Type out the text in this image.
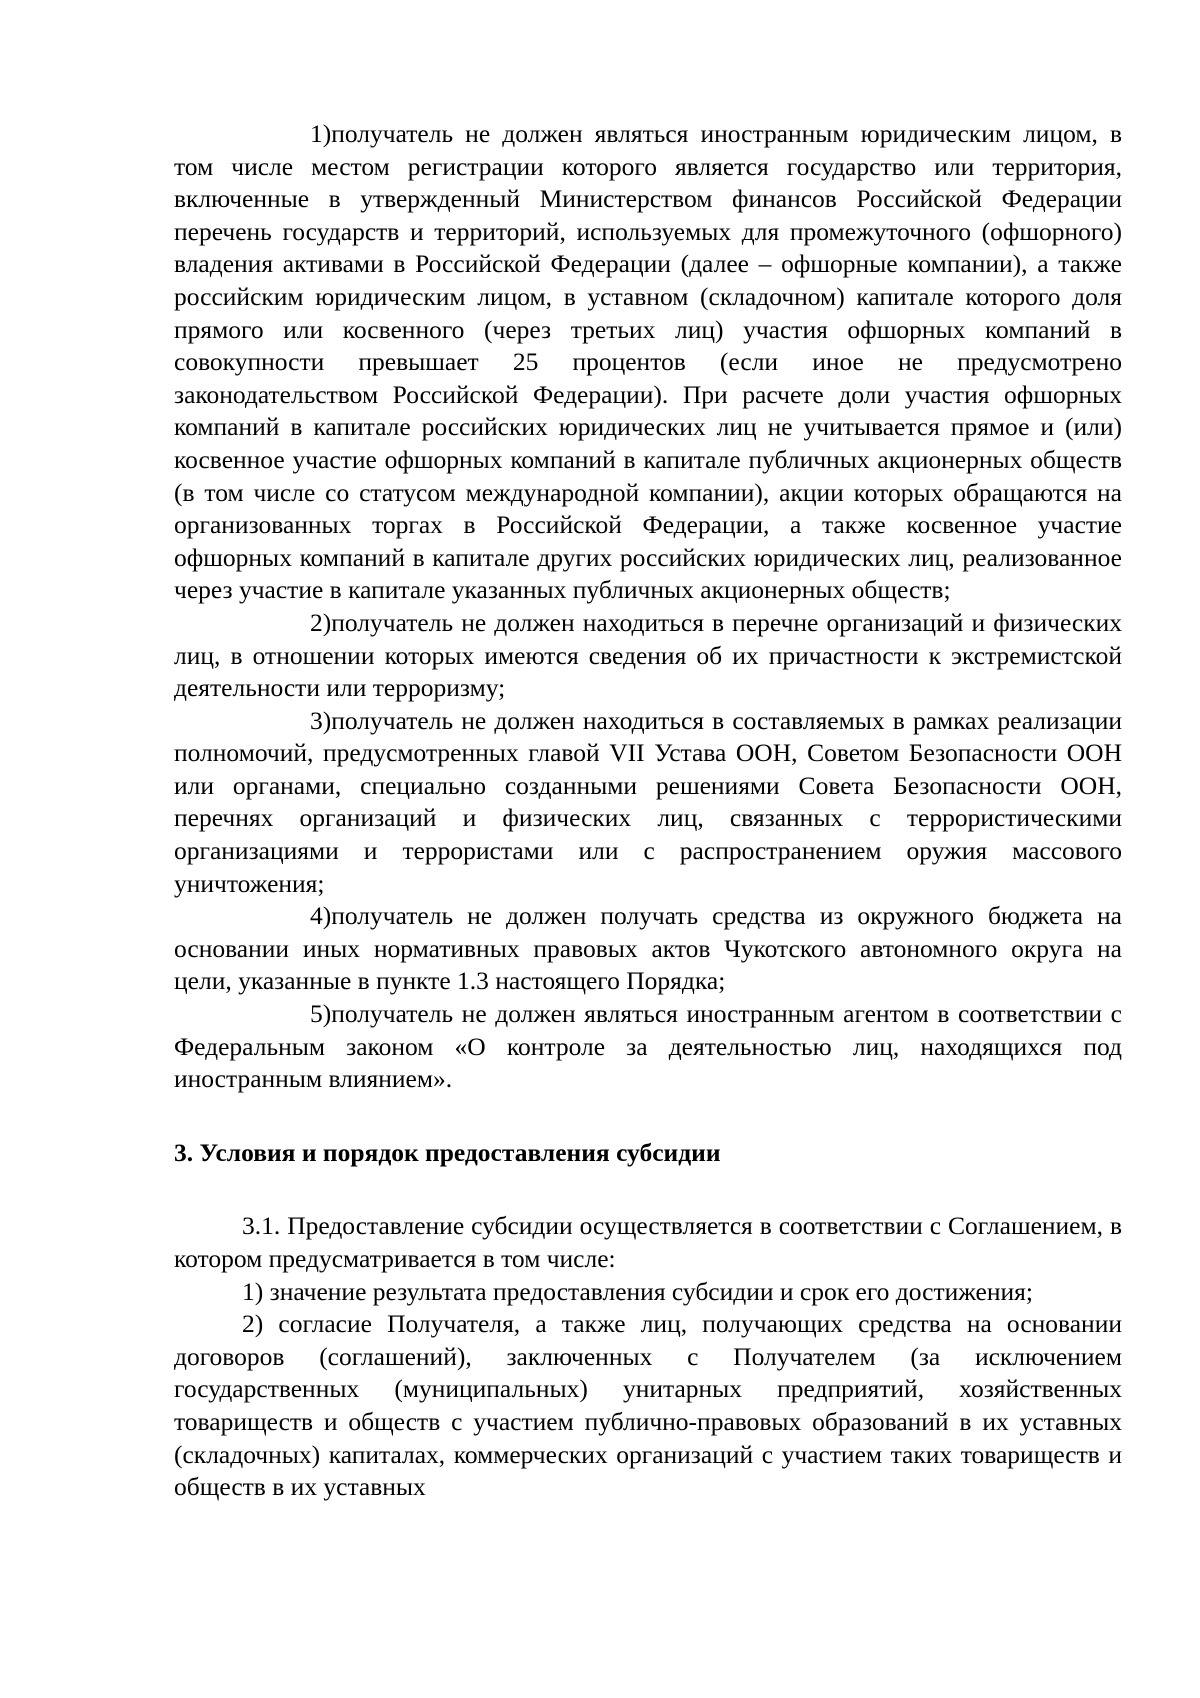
1)получатель не должен являться иностранным юридическим лицом, в том числе местом регистрации которого является государство или территория, включенные в утвержденный Министерством финансов Российской Федерации перечень государств и территорий, используемых для промежуточного (офшорного) владения активами в Российской Федерации (далее – офшорные компании), а также российским юридическим лицом, в уставном (складочном) капитале которого доля прямого или косвенного (через третьих лиц) участия офшорных компаний в совокупности превышает 25 процентов (если иное не предусмотрено законодательством Российской Федерации). При расчете доли участия офшорных компаний в капитале российских юридических лиц не учитывается прямое и (или) косвенное участие офшорных компаний в капитале публичных акционерных обществ (в том числе со статусом международной компании), акции которых обращаются на организованных торгах в Российской Федерации, а также косвенное участие офшорных компаний в капитале других российских юридических лиц, реализованное через участие в капитале указанных публичных акционерных обществ;

2)получатель не должен находиться в перечне организаций и физических лиц, в отношении которых имеются сведения об их причастности к экстремистской деятельности или терроризму;

3)получатель не должен находиться в составляемых в рамках реализации полномочий, предусмотренных главой VII Устава ООН, Советом Безопасности ООН или органами, специально созданными решениями Совета Безопасности ООН, перечнях организаций и физических лиц, связанных с террористическими организациями и террористами или с распространением оружия массового уничтожения;

4)получатель не должен получать средства из окружного бюджета на основании иных нормативных правовых актов Чукотского автономного округа на цели, указанные в пункте 1.3 настоящего Порядка;

5)получатель не должен являться иностранным агентом в соответствии с Федеральным законом «О контроле за деятельностью лиц, находящихся под иностранным влиянием».

3. Условия и порядок предоставления субсидии

3.1. Предоставление субсидии осуществляется в соответствии с Соглашением, в котором предусматривается в том числе:

1) значение результата предоставления субсидии и срок его достижения;

2) согласие Получателя, а также лиц, получающих средства на основании договоров (соглашений), заключенных с Получателем (за исключением государственных (муниципальных) унитарных предприятий, хозяйственных товариществ и обществ с участием публично-правовых образований в их уставных (складочных) капиталах, коммерческих организаций с участием таких товариществ и обществ в их уставных
